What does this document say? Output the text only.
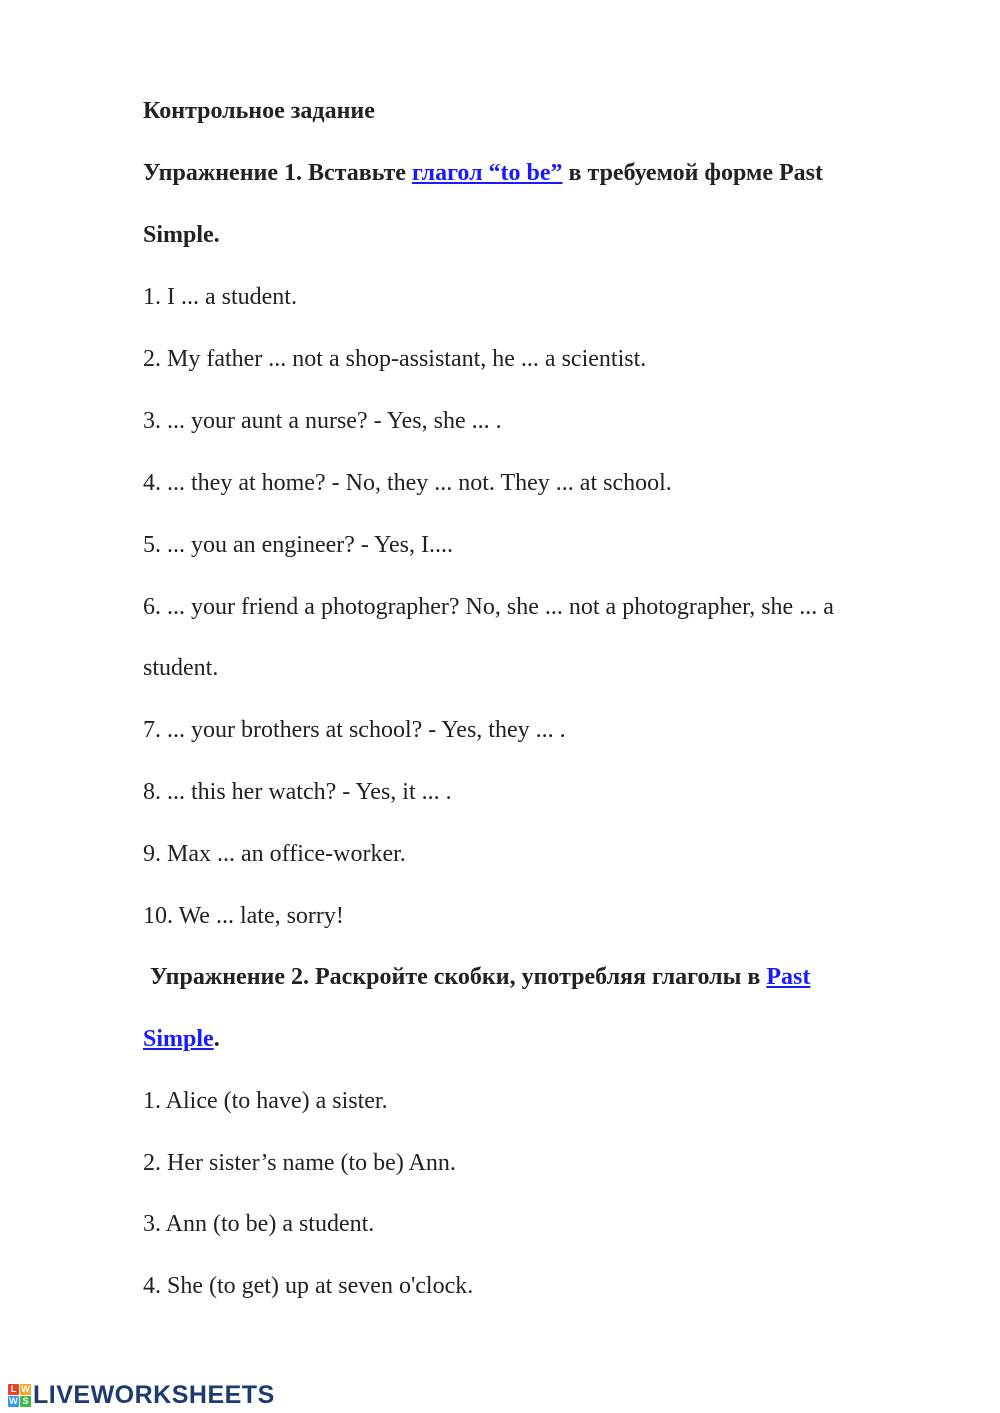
Контрольное задание

Упражнение 1. Вставьте глагол “to be” в требуемой форме Past

Simple.

1. I ... a student.

2. My father ... not a shop-assistant, he ... a scientist.

3. ... your aunt a nurse? - Yes, she ... .

4. ... they at home? - No, they ... not. They ... at school.

5. ... you an engineer? - Yes, I....

6. ... your friend a photographer? No, she ... not a photographer, she ... a

student.

7. ... your brothers at school? - Yes, they ... .

8. ... this her watch? - Yes, it ... .

9. Max ... an office-worker.

10. We ... late, sorry!

Упражнение 2. Раскройте скобки, употребляя глаголы в Past

Simple.

1. Alice (to have) a sister.

2. Her sister’s name (to be) Ann.

3. Ann (to be) a student.

4. She (to get) up at seven o'clock.

L W
W S LIVEWORKSHEETS
